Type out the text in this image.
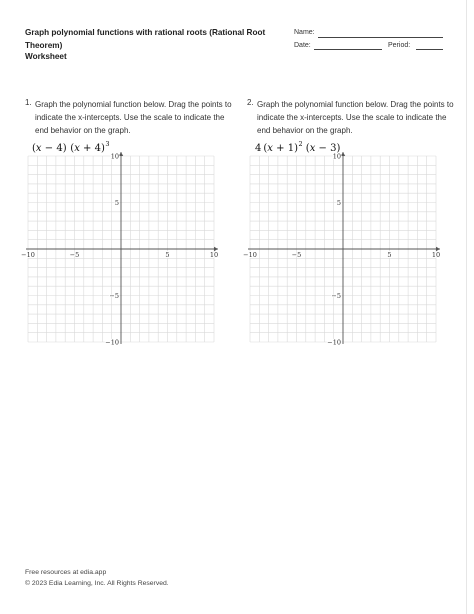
Graph polynomial functions with rational roots (Rational Root Theorem)
Worksheet
Name:
Date:	Period:
1. Graph the polynomial function below. Drag the points to indicate the x-intercepts. Use the scale to indicate the end behavior on the graph.
(x − 4) $(x + 4)^3$
−10	−5	5	10
10
5
−5
−10
2. Graph the polynomial function below. Drag the points to indicate the x-intercepts. Use the scale to indicate the end behavior on the graph.
4 $(x + 1)^2$ (x − 3)
−10	−5	5	10
10
5
−5
−10
Free resources at edia.app
© 2023 Edia Learning, Inc. All Rights Reserved.
